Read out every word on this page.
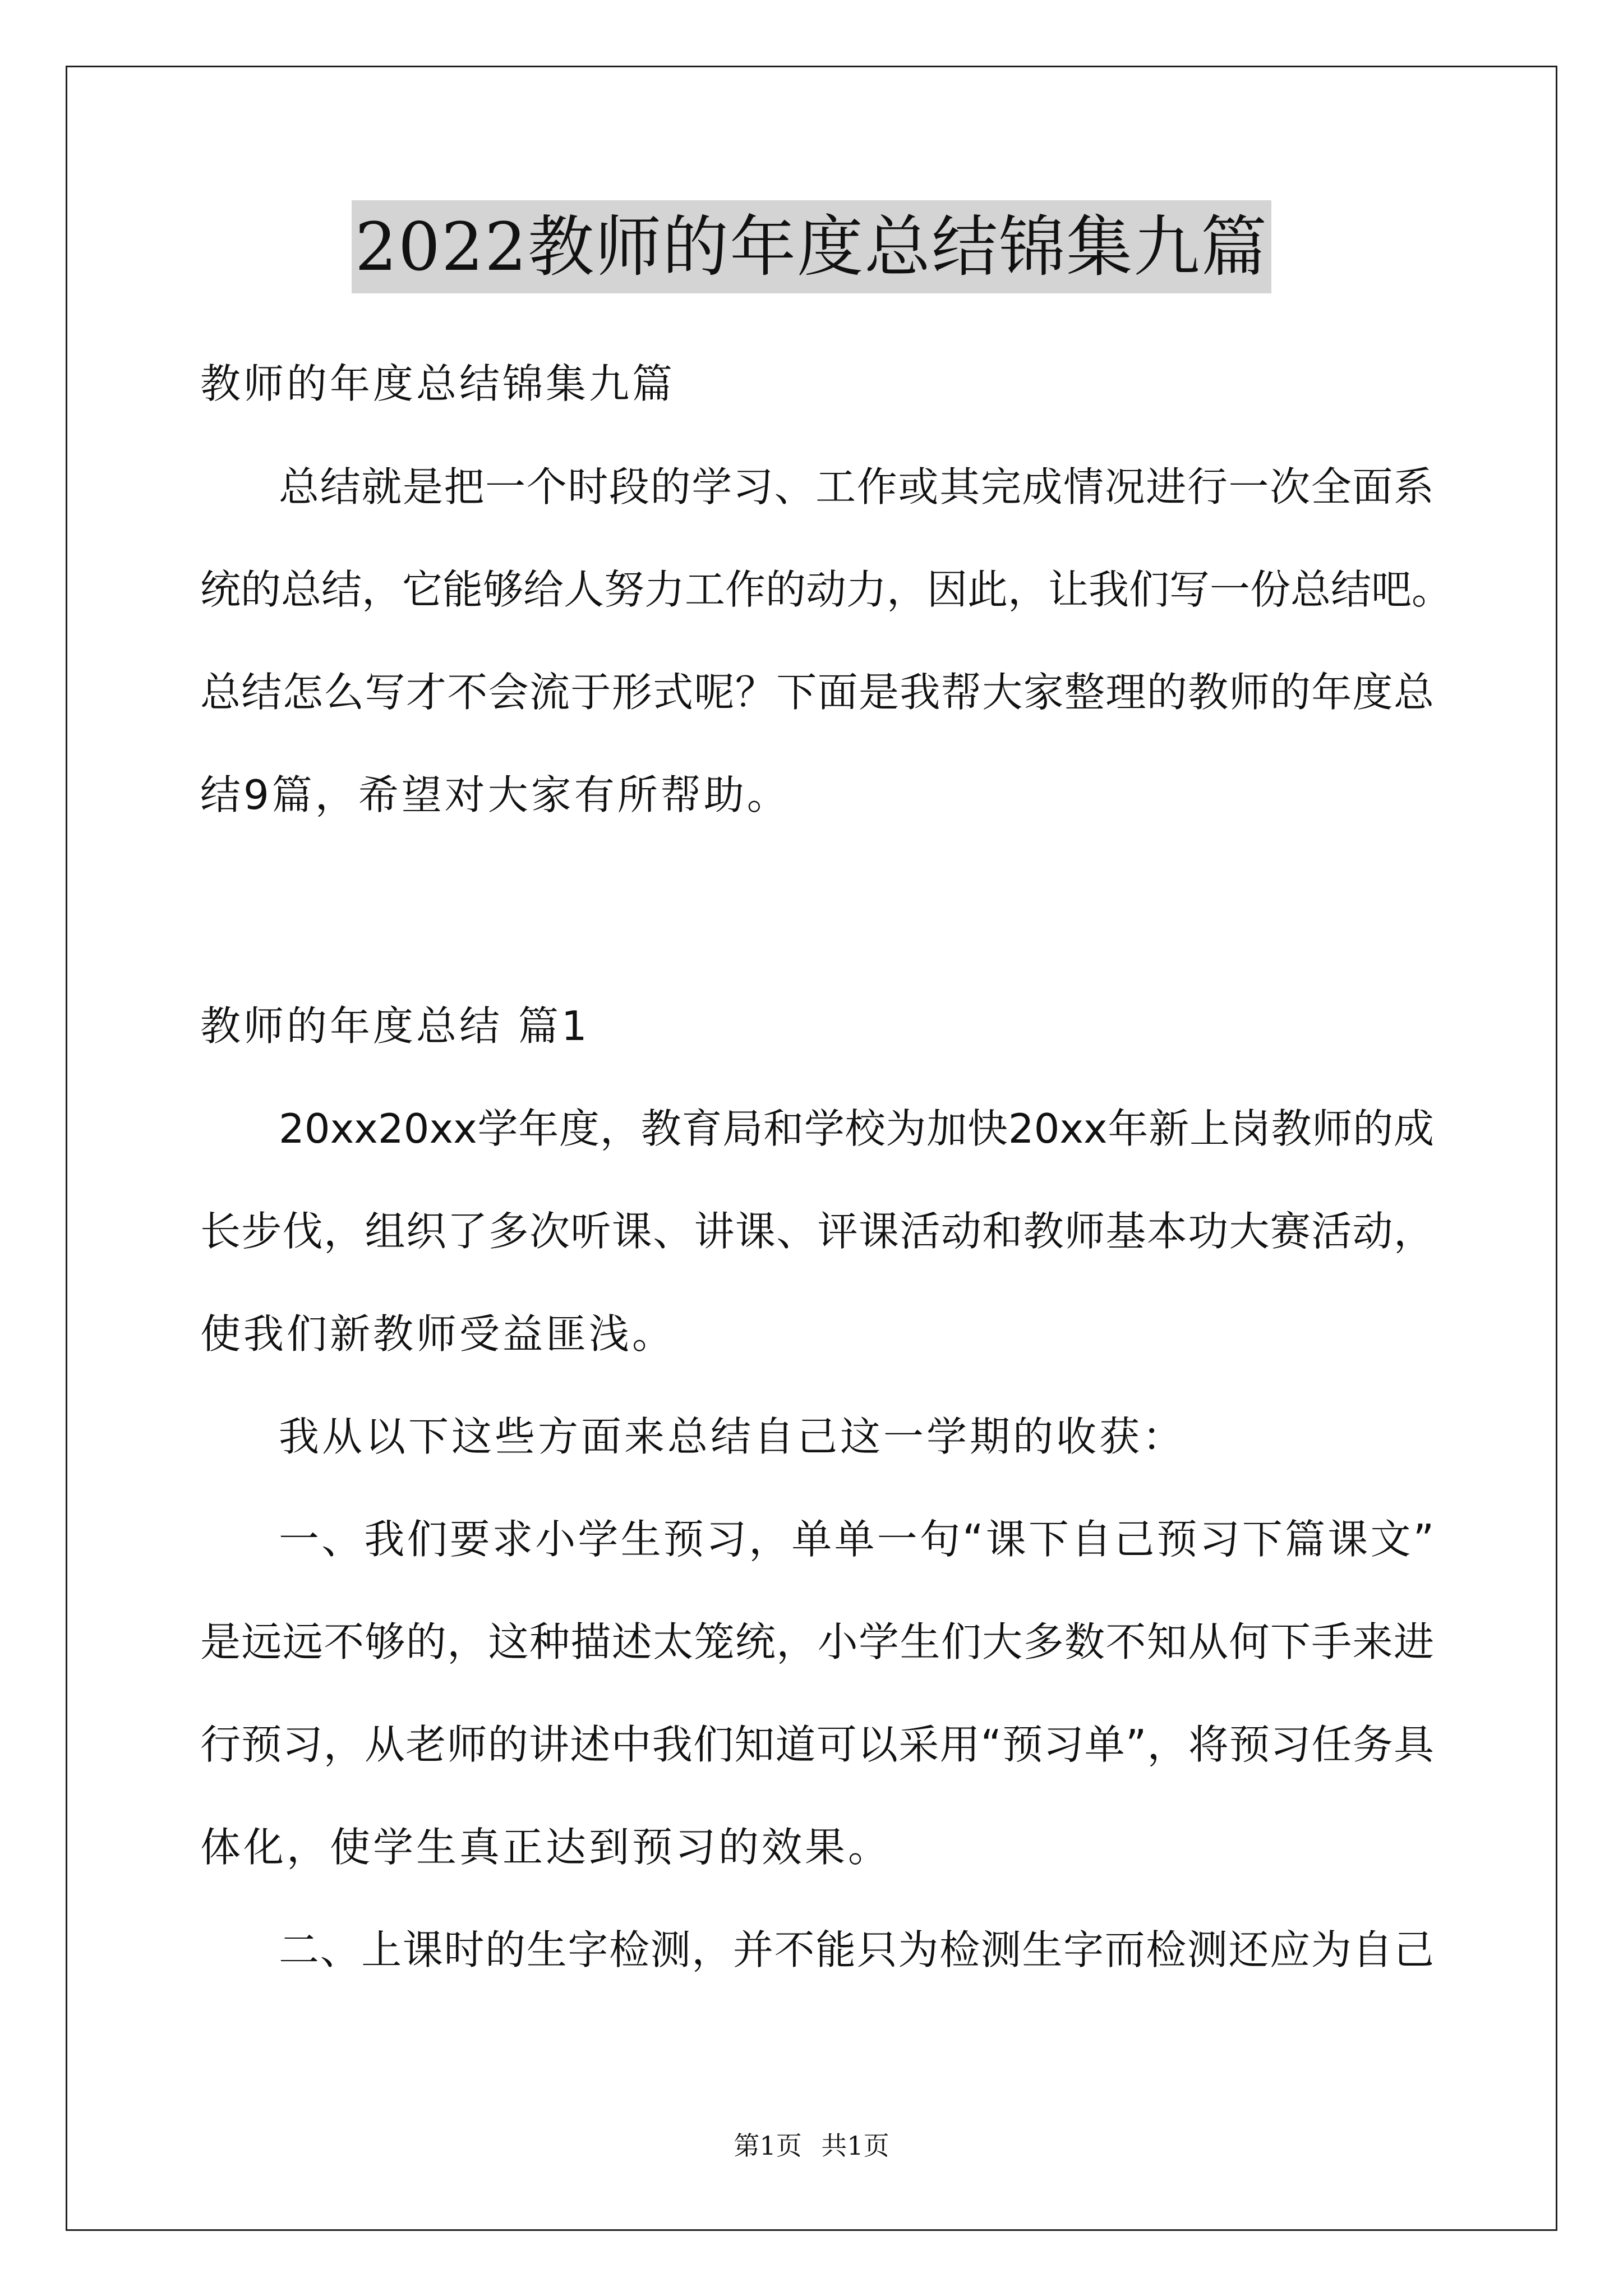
2022教师的年度总结锦集九篇
教师的年度总结锦集九篇
总结就是把一个时段的学习、工作或其完成情况进行一次全面系
统的总结，它能够给人努力工作的动力，因此，让我们写一份总结吧。
总结怎么写才不会流于形式呢？下面是我帮大家整理的教师的年度总
结9篇，希望对大家有所帮助。
教师的年度总结 篇1
20xx20xx学年度，教育局和学校为加快20xx年新上岗教师的成
长步伐，组织了多次听课、讲课、评课活动和教师基本功大赛活动，
使我们新教师受益匪浅。
我从以下这些方面来总结自己这一学期的收获：
一、我们要求小学生预习，单单一句“课下自己预习下篇课文”
是远远不够的，这种描述太笼统，小学生们大多数不知从何下手来进
行预习，从老师的讲述中我们知道可以采用“预习单”，将预习任务具
体化，使学生真正达到预习的效果。
二、上课时的生字检测，并不能只为检测生字而检测还应为自己
第1页 共1页
